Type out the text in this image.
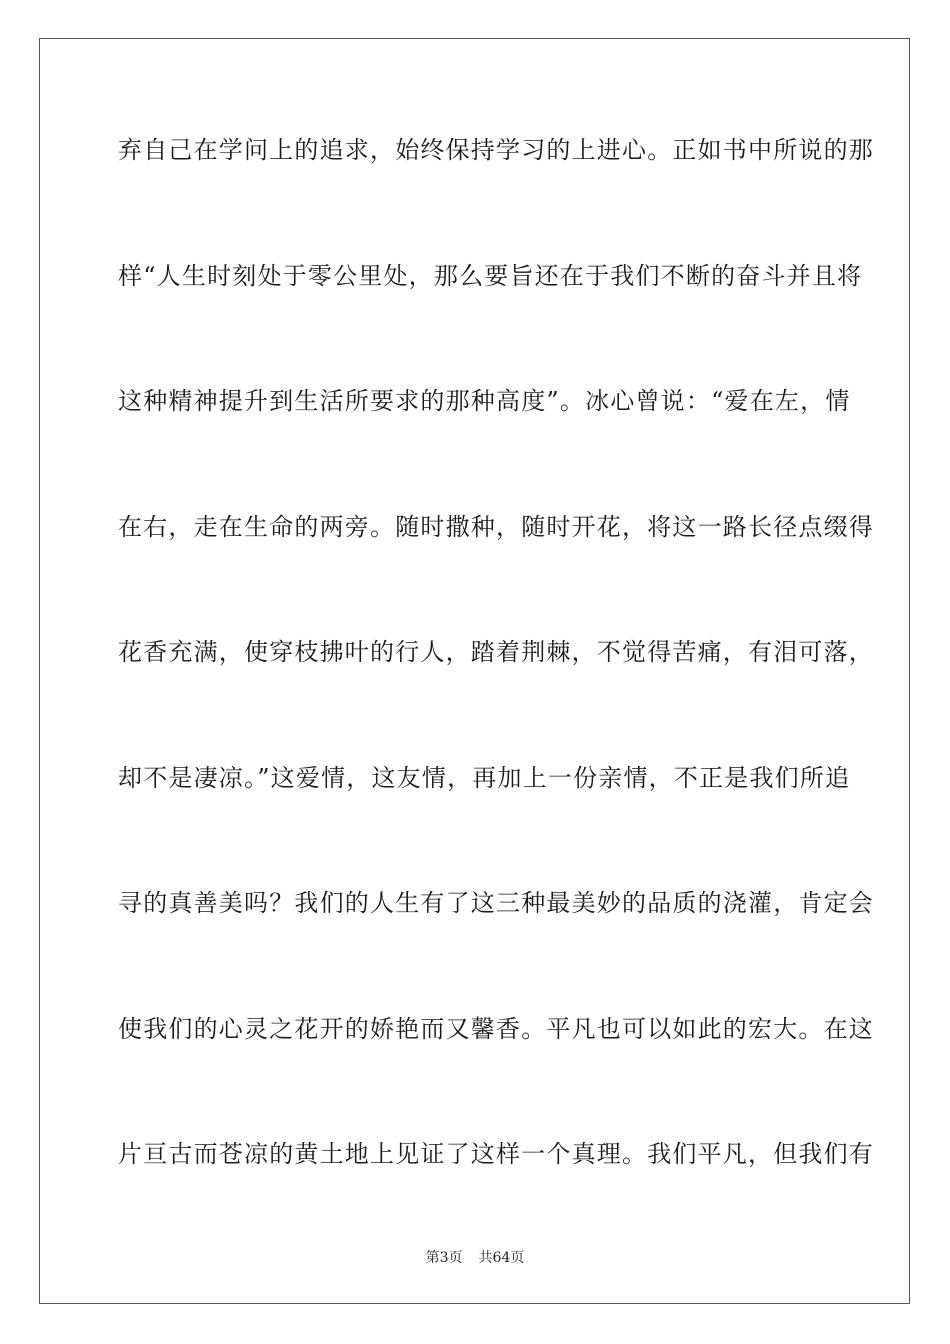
弃自己在学问上的追求，始终保持学习的上进心。正如书中所说的那
样“人生时刻处于零公里处，那么要旨还在于我们不断的奋斗并且将
这种精神提升到生活所要求的那种高度”。冰心曾说：“爱在左，情
在右，走在生命的两旁。随时撒种，随时开花，将这一路长径点缀得
花香充满，使穿枝拂叶的行人，踏着荆棘，不觉得苦痛，有泪可落，
却不是凄凉。”这爱情，这友情，再加上一份亲情，不正是我们所追
寻的真善美吗？我们的人生有了这三种最美妙的品质的浇灌，肯定会
使我们的心灵之花开的娇艳而又馨香。平凡也可以如此的宏大。在这
片亘古而苍凉的黄土地上见证了这样一个真理。我们平凡，但我们有
第3页 共64页
